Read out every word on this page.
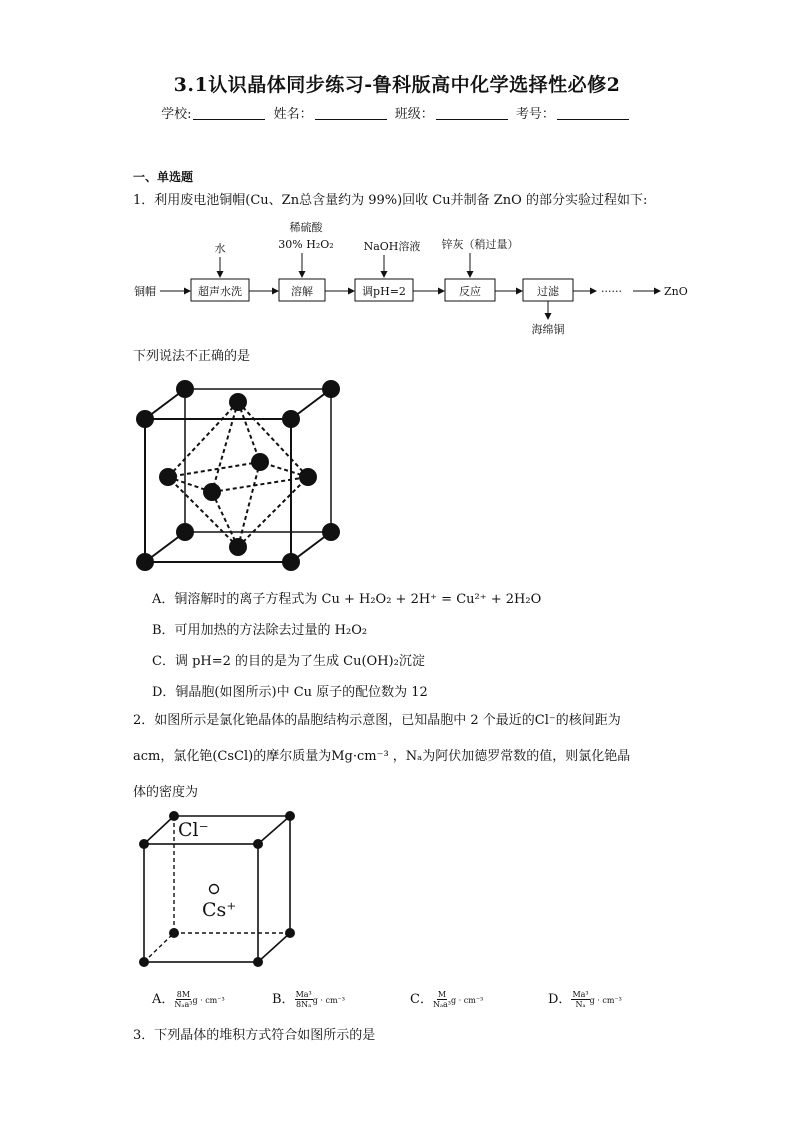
3.1认识晶体同步练习-鲁科版高中化学选择性必修2
学校:	姓名：	班级：	考号：
一、单选题
1．利用废电池铜帽(Cu、Zn总含量约为 99%)回收 Cu并制备 ZnO 的部分实验过程如下:
铜帽	超声水洗
水
溶解
稀硫酸
30% H₂O₂
调pH=2
NaOH溶液
反应
锌灰（稍过量）
过滤
海绵铜
······	ZnO
下列说法不正确的是
A．铜溶解时的离子方程式为 Cu + H₂O₂ + 2H⁺ = Cu²⁺ + 2H₂O
B．可用加热的方法除去过量的 H₂O₂
C．调 pH=2 的目的是为了生成 Cu(OH)₂沉淀
D．铜晶胞(如图所示)中 Cu 原子的配位数为 12
2．如图所示是氯化铯晶体的晶胞结构示意图，已知晶胞中 2 个最近的Cl⁻的核间距为
acm，氯化铯(CsCl)的摩尔质量为Mg·cm⁻³ ，Nₐ为阿伏加德罗常数的值，则氯化铯晶
体的密度为
Cl⁻
Cs⁺
A． $\frac{8M}{\text{Nₐa³}}$ g · cm⁻³	B． $\frac{\text{Ma³}}{\text{8Nₐ}}$ g · cm⁻³	C． $\frac{M}{\text{Nₐa³}}$ g · cm⁻³	D． $\frac{\text{Ma³}}{\text{Nₐ}}$ g · cm⁻³
3．下列晶体的堆积方式符合如图所示的是
